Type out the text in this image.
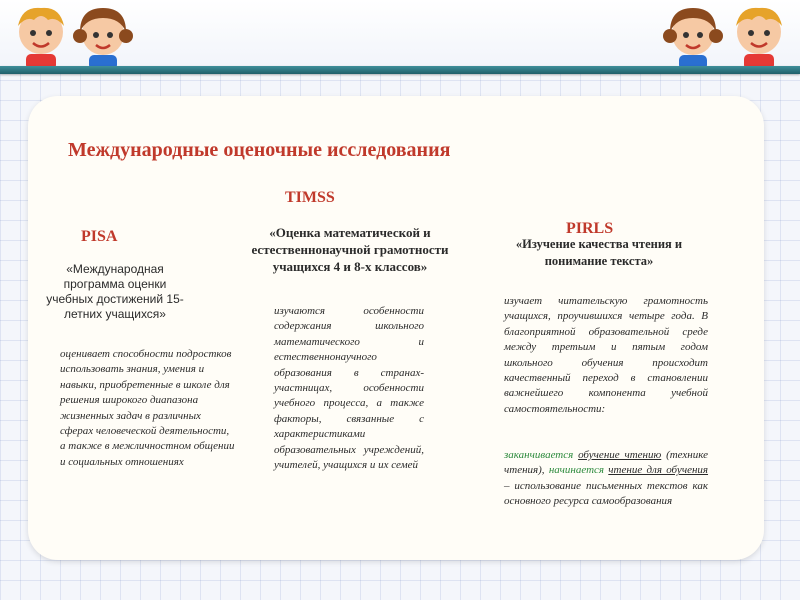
Международные оценочные исследования
TIMSS
PISA	PIRLS
«Оценка математической и естественнонаучной грамотности учащихся 4 и 8-х классов»
«Международная программа оценки учебных достижений 15-летних учащихся»
«Изучение качества чтения и понимание текста»
оценивает способности подростков использовать знания, умения и навыки, приобретенные в школе для решения широкого диапазона жизненных задач в различных сферах человеческой деятельности, а также в межличностном общении и социальных отношениях
изучаются особенности содержания школьного математического и естественнонаучного образования в странах-участницах, особенности учебного процесса, а также факторы, связанные с характеристиками образовательных учреждений, учителей, учащихся и их семей
изучает читательскую грамотность учащихся, проучившихся четыре года. В благоприятной образовательной среде между третьим и пятым годом школьного обучения происходит качественный переход в становлении важнейшего компонента учебной самостоятельности:
заканчивается обучение чтению (технике чтения), начинается чтение для обучения – использование письменных текстов как основного ресурса самообразования
